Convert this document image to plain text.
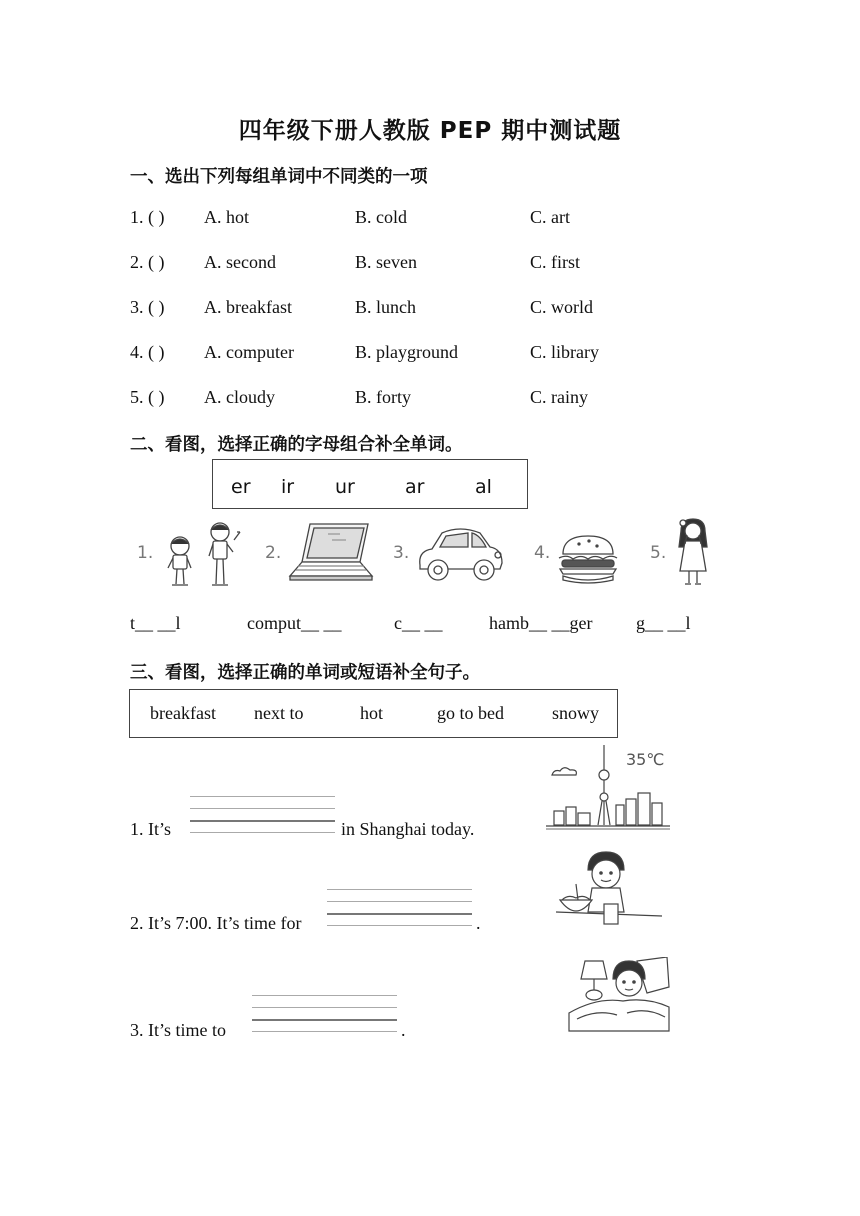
四年级下册人教版 PEP 期中测试题
一、选出下列每组单词中不同类的一项
1. ( ) A. hot	B. cold	C. art
2. ( ) A. second	B. seven	C. first
3. ( ) A. breakfast	B. lunch	C. world
4. ( ) A. computer	B. playground	C. library
5. ( ) A. cloudy	B. forty	C. rainy
二、看图，选择正确的字母组合补全单词。
er ir ur	ar	al
1.	2.	3.	4.	5.
t__ __l	comput__ __	c__ __	hamb__ __ger g__ __l
三、看图，选择正确的单词或短语补全句子。
breakfast next to	hot	go to bed	snowy
1. It’s	in Shanghai today.
35℃
2. It’s 7:00. It’s time for	.
3. It’s time to	.
